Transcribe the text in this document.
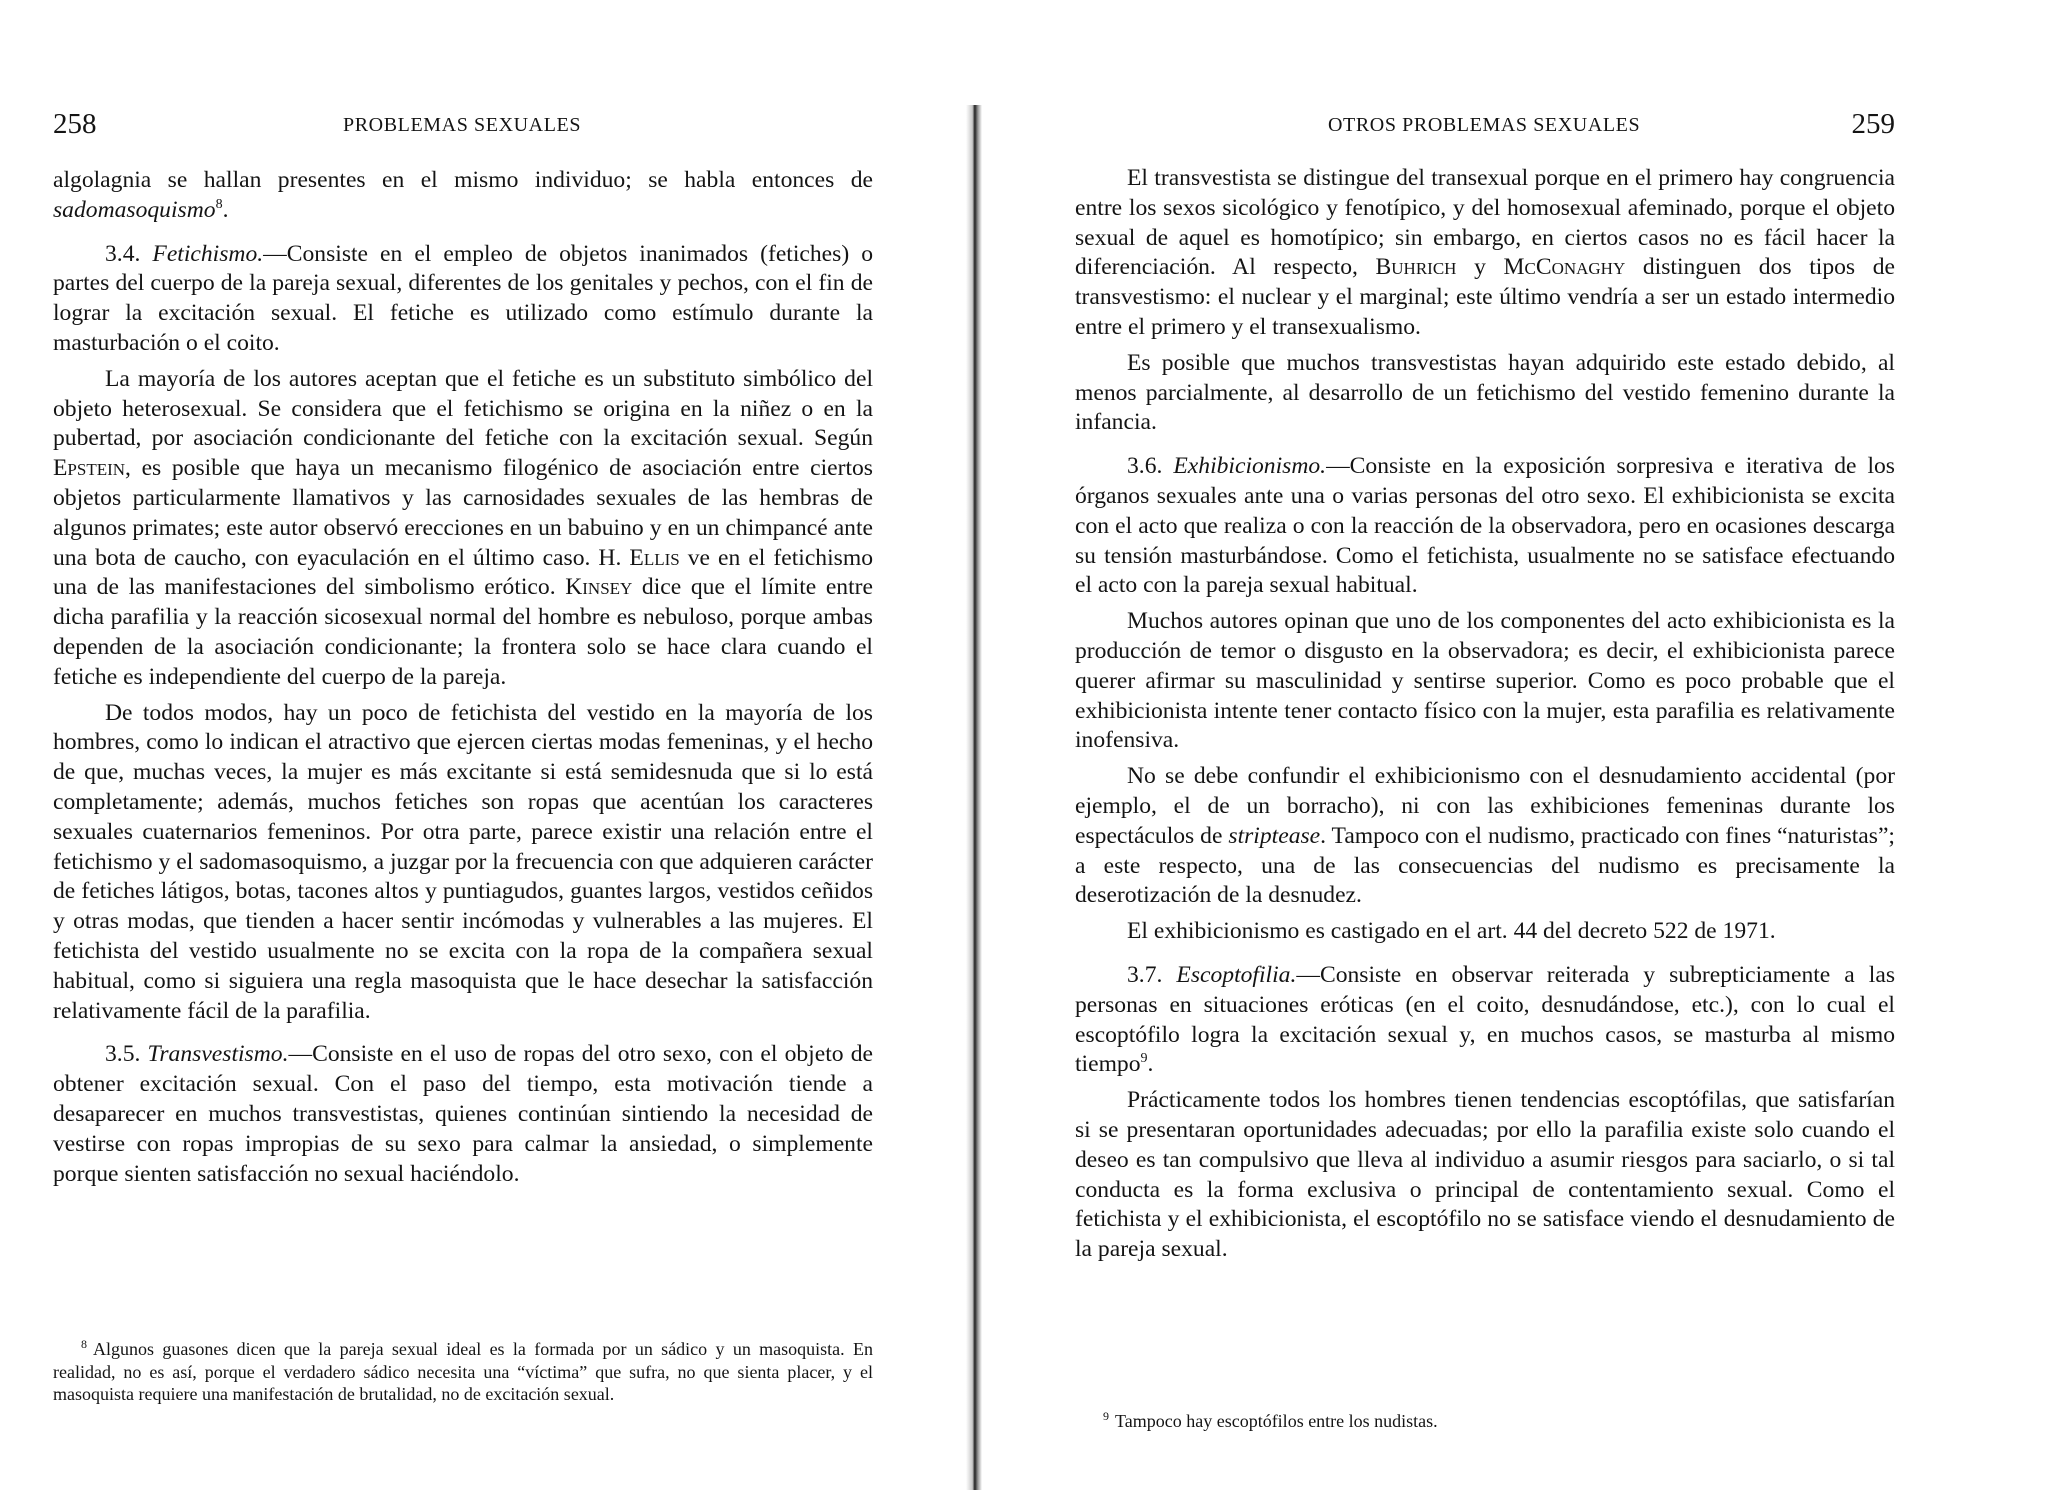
258	PROBLEMAS SEXUALES

algolagnia se hallan presentes en el mismo individuo; se habla entonces de sadomasoquismo$^8$.

3.4. Fetichismo.—Consiste en el empleo de objetos inanimados (fetiches) o partes del cuerpo de la pareja sexual, diferentes de los genitales y pechos, con el fin de lograr la excitación sexual. El fetiche es utilizado como estímulo durante la masturbación o el coito.

La mayoría de los autores aceptan que el fetiche es un substituto simbólico del objeto heterosexual. Se considera que el fetichismo se origina en la niñez o en la pubertad, por asociación condicionante del fetiche con la excitación sexual. Según Epstein, es posible que haya un mecanismo filogénico de asociación entre ciertos objetos particularmente llamativos y las carnosidades sexuales de las hembras de algunos primates; este autor observó erecciones en un babuino y en un chimpancé ante una bota de caucho, con eyaculación en el último caso. H. Ellis ve en el fetichismo una de las manifestaciones del simbolismo erótico. Kinsey dice que el límite entre dicha parafilia y la reacción sicosexual normal del hombre es nebuloso, porque ambas dependen de la asociación condicionante; la frontera solo se hace clara cuando el fetiche es independiente del cuerpo de la pareja.

De todos modos, hay un poco de fetichista del vestido en la mayoría de los hombres, como lo indican el atractivo que ejercen ciertas modas femeninas, y el hecho de que, muchas veces, la mujer es más excitante si está semidesnuda que si lo está completamente; además, muchos fetiches son ropas que acentúan los caracteres sexuales cuaternarios femeninos. Por otra parte, parece existir una relación entre el fetichismo y el sadomasoquismo, a juzgar por la frecuencia con que adquieren carácter de fetiches látigos, botas, tacones altos y puntiagudos, guantes largos, vestidos ceñidos y otras modas, que tienden a hacer sentir incómodas y vulnerables a las mujeres. El fetichista del vestido usualmente no se excita con la ropa de la compañera sexual habitual, como si siguiera una regla masoquista que le hace desechar la satisfacción relativamente fácil de la parafilia.

3.5. Transvestismo.—Consiste en el uso de ropas del otro sexo, con el objeto de obtener excitación sexual. Con el paso del tiempo, esta motivación tiende a desaparecer en muchos transvestistas, quienes continúan sintiendo la necesidad de vestirse con ropas impropias de su sexo para calmar la ansiedad, o simplemente porque sienten satisfacción no sexual haciéndolo.

$^8$ Algunos guasones dicen que la pareja sexual ideal es la formada por un sádico y un masoquista. En realidad, no es así, porque el verdadero sádico necesita una “víctima” que sufra, no que sienta placer, y el masoquista requiere una manifestación de brutalidad, no de excitación sexual.

OTROS PROBLEMAS SEXUALES	259

El transvestista se distingue del transexual porque en el primero hay congruencia entre los sexos sicológico y fenotípico, y del homosexual afeminado, porque el objeto sexual de aquel es homotípico; sin embargo, en ciertos casos no es fácil hacer la diferenciación. Al respecto, Buhrich y McConaghy distinguen dos tipos de transvestismo: el nuclear y el marginal; este último vendría a ser un estado intermedio entre el primero y el transexualismo.

Es posible que muchos transvestistas hayan adquirido este estado debido, al menos parcialmente, al desarrollo de un fetichismo del vestido femenino durante la infancia.

3.6. Exhibicionismo.—Consiste en la exposición sorpresiva e iterativa de los órganos sexuales ante una o varias personas del otro sexo. El exhibicionista se excita con el acto que realiza o con la reacción de la observadora, pero en ocasiones descarga su tensión masturbándose. Como el fetichista, usualmente no se satisface efectuando el acto con la pareja sexual habitual.

Muchos autores opinan que uno de los componentes del acto exhibicionista es la producción de temor o disgusto en la observadora; es decir, el exhibicionista parece querer afirmar su masculinidad y sentirse superior. Como es poco probable que el exhibicionista intente tener contacto físico con la mujer, esta parafilia es relativamente inofensiva.

No se debe confundir el exhibicionismo con el desnudamiento accidental (por ejemplo, el de un borracho), ni con las exhibiciones femeninas durante los espectáculos de striptease. Tampoco con el nudismo, practicado con fines “naturistas”; a este respecto, una de las consecuencias del nudismo es precisamente la deserotización de la desnudez.

El exhibicionismo es castigado en el art. 44 del decreto 522 de 1971.

3.7. Escoptofilia.—Consiste en observar reiterada y subrepticiamente a las personas en situaciones eróticas (en el coito, desnudándose, etc.), con lo cual el escoptófilo logra la excitación sexual y, en muchos casos, se masturba al mismo tiempo$^9$.

Prácticamente todos los hombres tienen tendencias escoptófilas, que satisfarían si se presentaran oportunidades adecuadas; por ello la parafilia existe solo cuando el deseo es tan compulsivo que lleva al individuo a asumir riesgos para saciarlo, o si tal conducta es la forma exclusiva o principal de contentamiento sexual. Como el fetichista y el exhibicionista, el escoptófilo no se satisface viendo el desnudamiento de la pareja sexual.

$^9$ Tampoco hay escoptófilos entre los nudistas.
